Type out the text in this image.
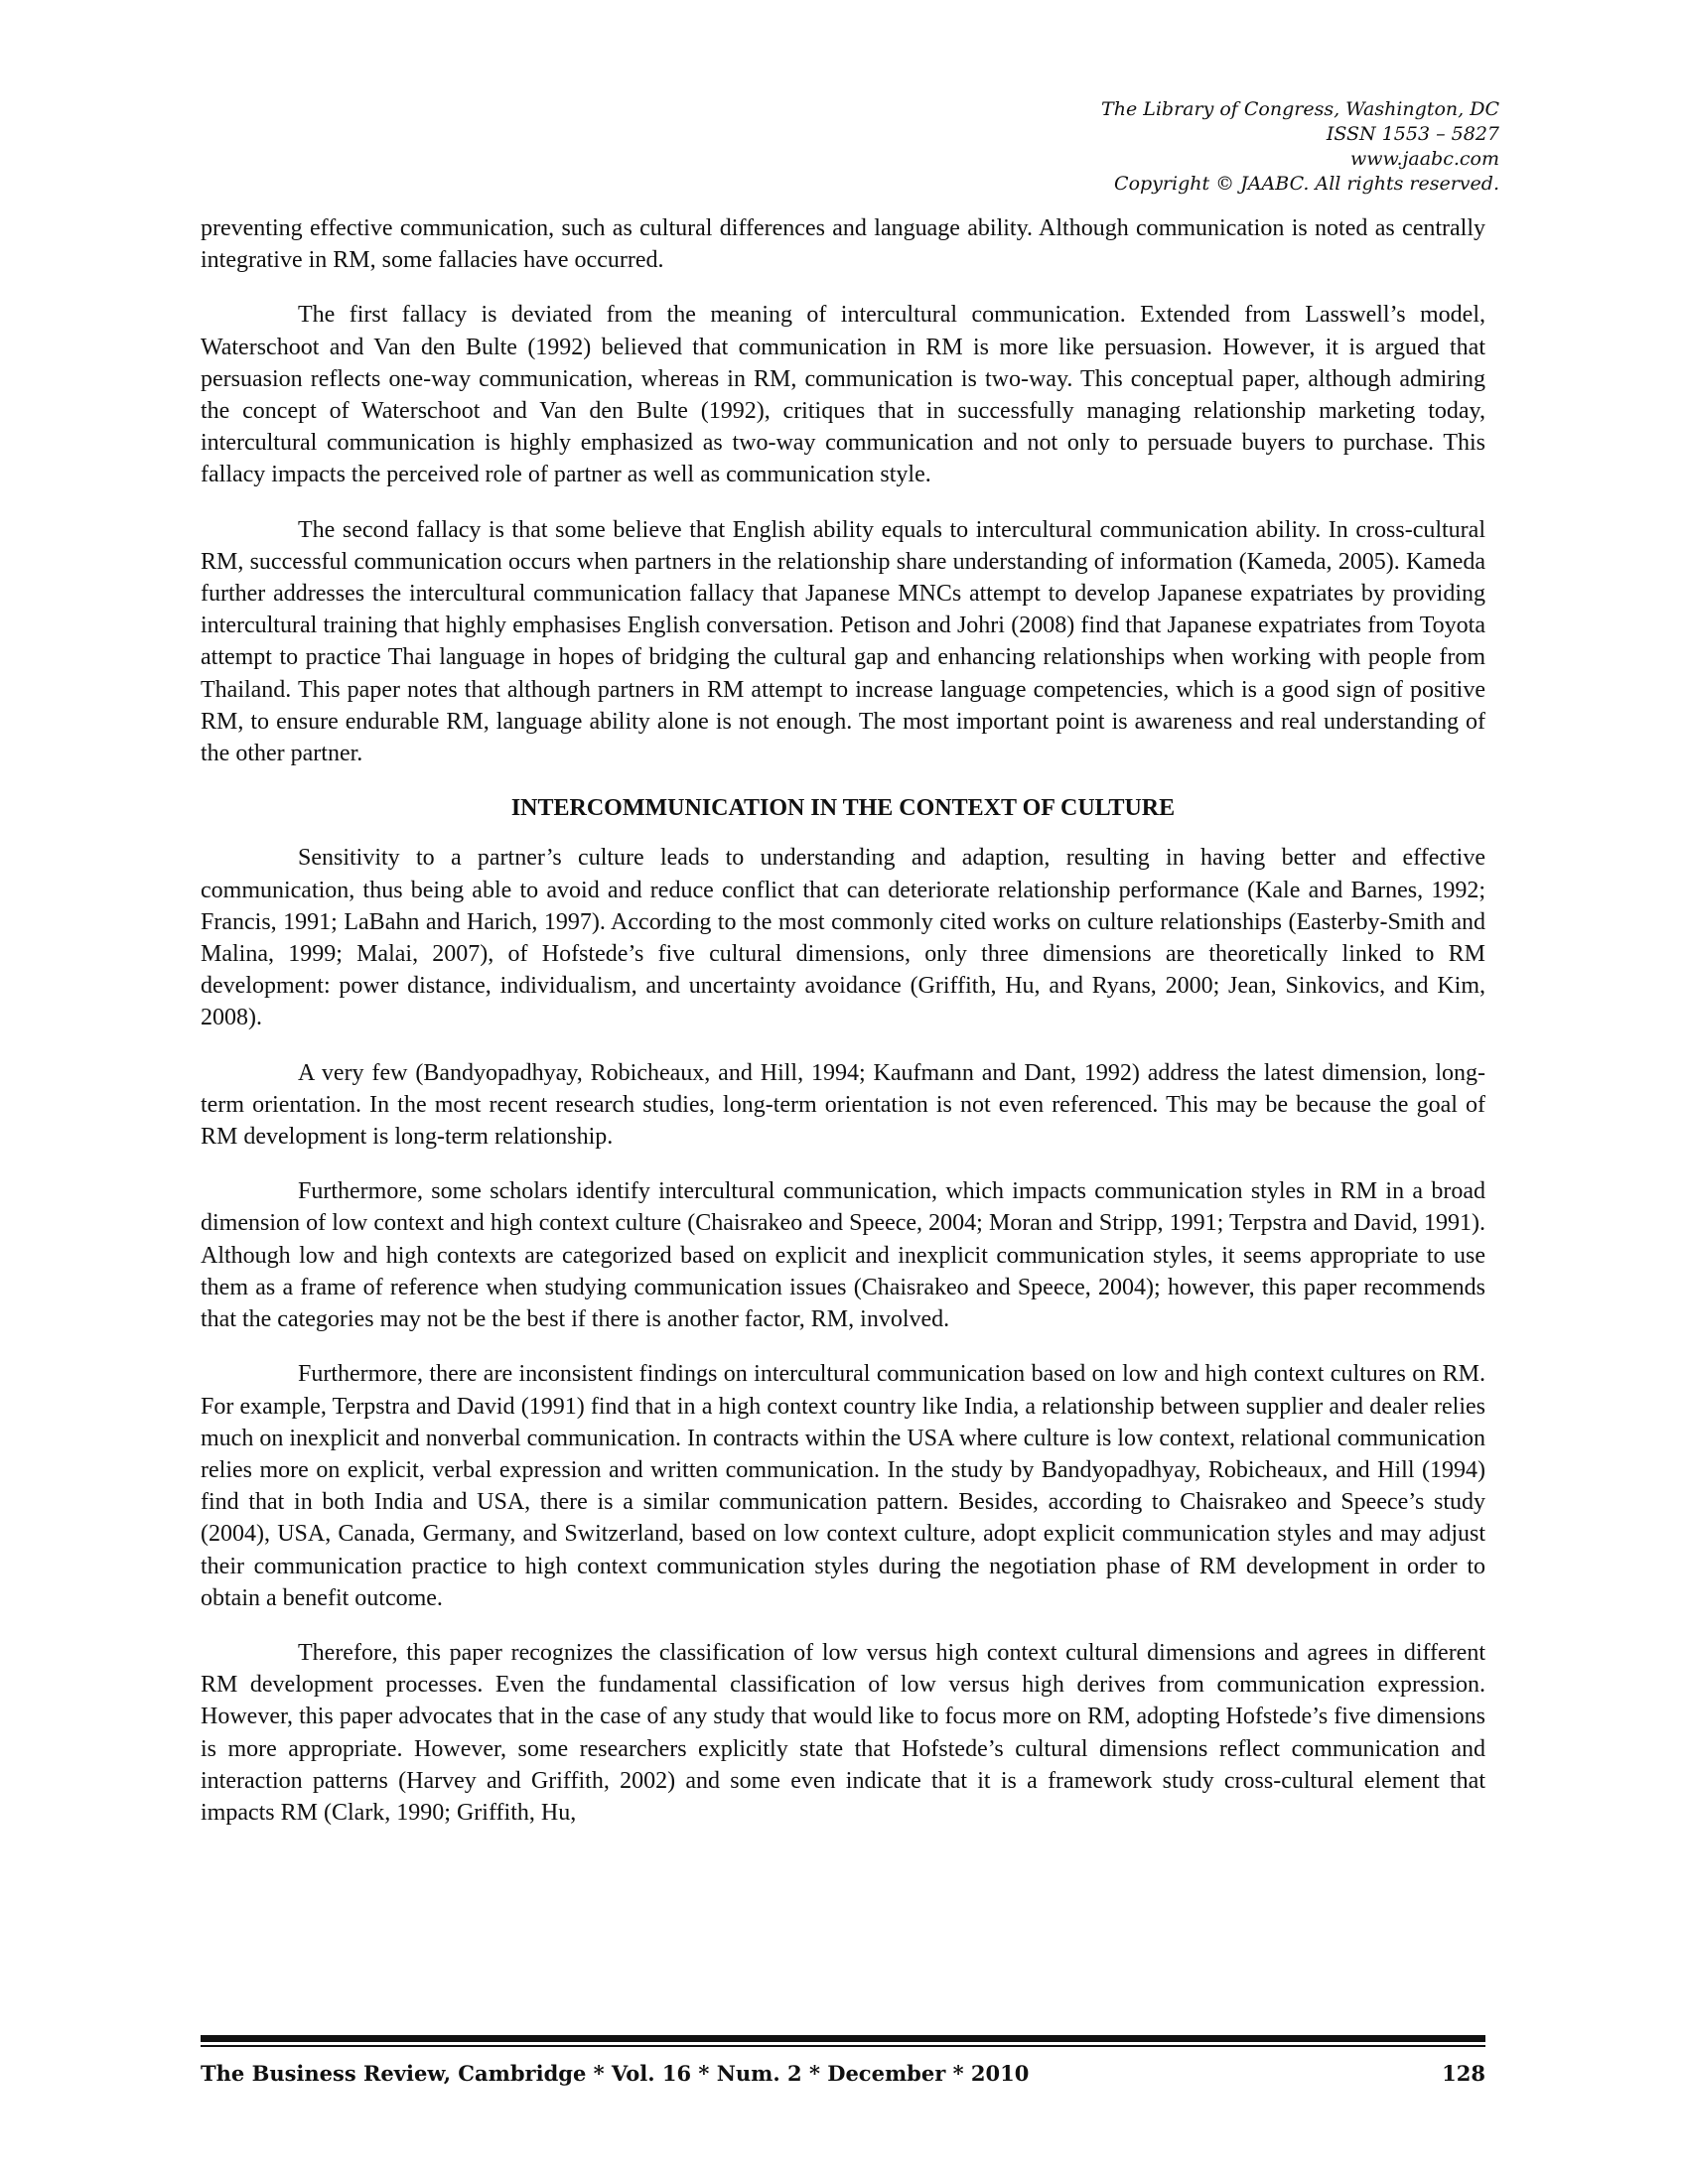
The Library of Congress, Washington, DC
ISSN 1553 – 5827
www.jaabc.com
Copyright © JAABC. All rights reserved.

preventing effective communication, such as cultural differences and language ability. Although communication is noted as centrally integrative in RM, some fallacies have occurred.

The first fallacy is deviated from the meaning of intercultural communication. Extended from Lasswell’s model, Waterschoot and Van den Bulte (1992) believed that communication in RM is more like persuasion. However, it is argued that persuasion reflects one-way communication, whereas in RM, communication is two-way. This conceptual paper, although admiring the concept of Waterschoot and Van den Bulte (1992), critiques that in successfully managing relationship marketing today, intercultural communication is highly emphasized as two-way communication and not only to persuade buyers to purchase. This fallacy impacts the perceived role of partner as well as communication style.

The second fallacy is that some believe that English ability equals to intercultural communication ability. In cross-cultural RM, successful communication occurs when partners in the relationship share understanding of information (Kameda, 2005). Kameda further addresses the intercultural communication fallacy that Japanese MNCs attempt to develop Japanese expatriates by providing intercultural training that highly emphasises English conversation. Petison and Johri (2008) find that Japanese expatriates from Toyota attempt to practice Thai language in hopes of bridging the cultural gap and enhancing relationships when working with people from Thailand. This paper notes that although partners in RM attempt to increase language competencies, which is a good sign of positive RM, to ensure endurable RM, language ability alone is not enough. The most important point is awareness and real understanding of the other partner.

INTERCOMMUNICATION IN THE CONTEXT OF CULTURE

Sensitivity to a partner’s culture leads to understanding and adaption, resulting in having better and effective communication, thus being able to avoid and reduce conflict that can deteriorate relationship performance (Kale and Barnes, 1992; Francis, 1991; LaBahn and Harich, 1997). According to the most commonly cited works on culture relationships (Easterby-Smith and Malina, 1999; Malai, 2007), of Hofstede’s five cultural dimensions, only three dimensions are theoretically linked to RM development: power distance, individualism, and uncertainty avoidance (Griffith, Hu, and Ryans, 2000; Jean, Sinkovics, and Kim, 2008).

A very few (Bandyopadhyay, Robicheaux, and Hill, 1994; Kaufmann and Dant, 1992) address the latest dimension, long-term orientation. In the most recent research studies, long-term orientation is not even referenced. This may be because the goal of RM development is long-term relationship.

Furthermore, some scholars identify intercultural communication, which impacts communication styles in RM in a broad dimension of low context and high context culture (Chaisrakeo and Speece, 2004; Moran and Stripp, 1991; Terpstra and David, 1991). Although low and high contexts are categorized based on explicit and inexplicit communication styles, it seems appropriate to use them as a frame of reference when studying communication issues (Chaisrakeo and Speece, 2004); however, this paper recommends that the categories may not be the best if there is another factor, RM, involved.

Furthermore, there are inconsistent findings on intercultural communication based on low and high context cultures on RM. For example, Terpstra and David (1991) find that in a high context country like India, a relationship between supplier and dealer relies much on inexplicit and nonverbal communication. In contracts within the USA where culture is low context, relational communication relies more on explicit, verbal expression and written communication. In the study by Bandyopadhyay, Robicheaux, and Hill (1994) find that in both India and USA, there is a similar communication pattern. Besides, according to Chaisrakeo and Speece’s study (2004), USA, Canada, Germany, and Switzerland, based on low context culture, adopt explicit communication styles and may adjust their communication practice to high context communication styles during the negotiation phase of RM development in order to obtain a benefit outcome.

Therefore, this paper recognizes the classification of low versus high context cultural dimensions and agrees in different RM development processes. Even the fundamental classification of low versus high derives from communication expression. However, this paper advocates that in the case of any study that would like to focus more on RM, adopting Hofstede’s five dimensions is more appropriate. However, some researchers explicitly state that Hofstede’s cultural dimensions reflect communication and interaction patterns (Harvey and Griffith, 2002) and some even indicate that it is a framework study cross-cultural element that impacts RM (Clark, 1990; Griffith, Hu,

The Business Review, Cambridge * Vol. 16 * Num. 2 * December * 2010	128
